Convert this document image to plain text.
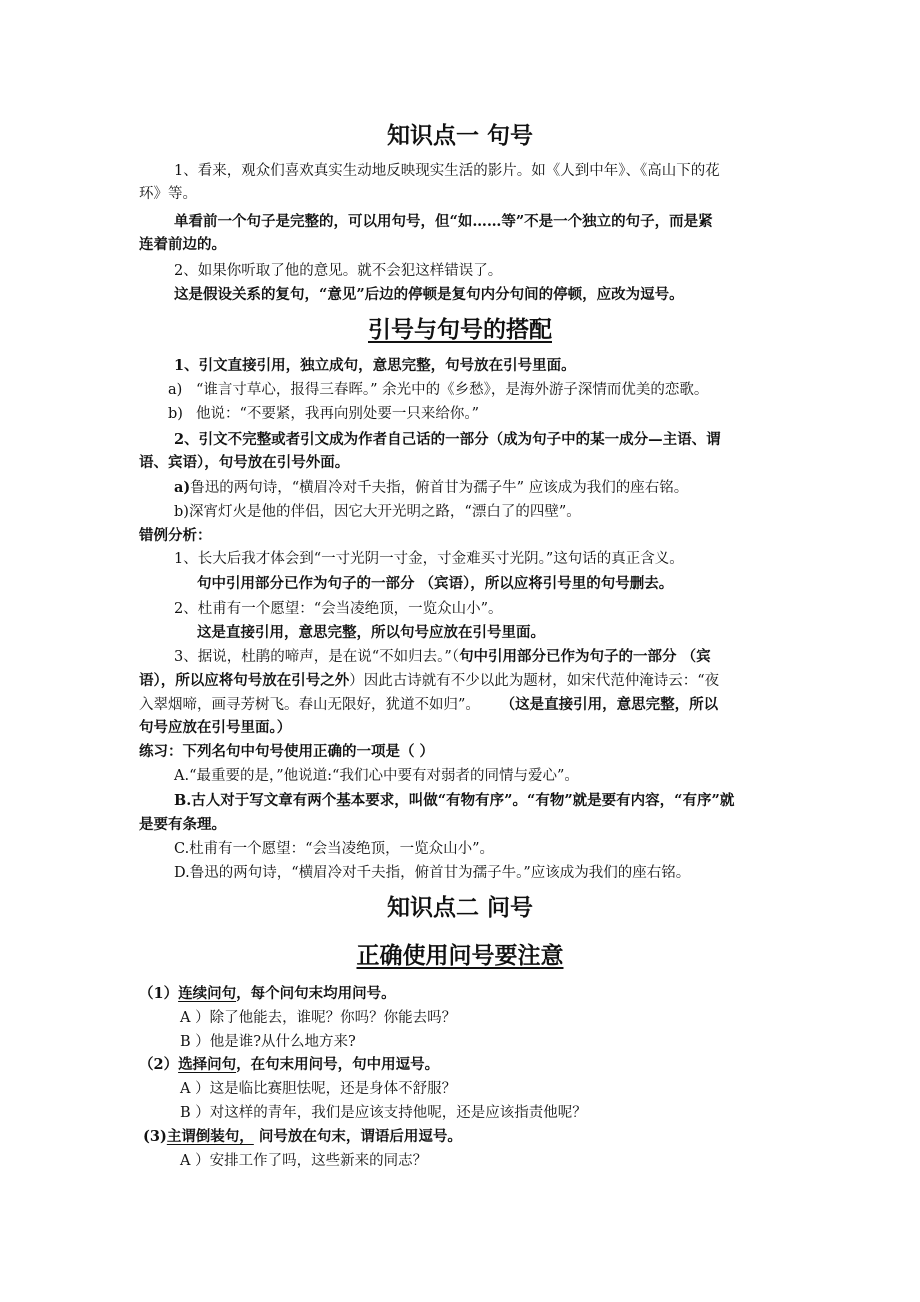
知识点一 句号
1、看来，观众们喜欢真实生动地反映现实生活的影片。如《人到中年》、《高山下的花
环》等。
单看前一个句子是完整的，可以用句号，但“如……等”不是一个独立的句子，而是紧
连着前边的。
2、如果你听取了他的意见。就不会犯这样错误了。
这是假设关系的复句，“意见”后边的停顿是复句内分句间的停顿，应改为逗号。
引号与句号的搭配
1、引文直接引用，独立成句，意思完整，句号放在引号里面。
a) “谁言寸草心，报得三春晖。” 余光中的《乡愁》，是海外游子深情而优美的恋歌。
b) 他说：“不要紧，我再向别处要一只来给你。”
2、引文不完整或者引文成为作者自己话的一部分（成为句子中的某一成分—主语、谓
语、宾语），句号放在引号外面。
a)鲁迅的两句诗，“横眉冷对千夫指，俯首甘为孺子牛” 应该成为我们的座右铭。
b)深宵灯火是他的伴侣，因它大开光明之路，“漂白了的四壁”。
错例分析：
1、长大后我才体会到“一寸光阴一寸金，寸金难买寸光阴。”这句话的真正含义。
句中引用部分已作为句子的一部分 （宾语），所以应将引号里的句号删去。
2、杜甫有一个愿望：“会当凌绝顶，一览众山小”。
这是直接引用，意思完整，所以句号应放在引号里面。
3、据说，杜鹃的啼声，是在说“不如归去。”（句中引用部分已作为句子的一部分 （宾
语），所以应将句号放在引号之外）因此古诗就有不少以此为题材，如宋代范仲淹诗云：“夜
入翠烟啼，画寻芳树飞。春山无限好，犹道不如归”。 （这是直接引用，意思完整，所以
句号应放在引号里面。）
练习：下列名句中句号使用正确的一项是（ ）
A.“最重要的是，”他说道:“我们心中要有对弱者的同情与爱心”。
B.古人对于写文章有两个基本要求，叫做“有物有序”。“有物”就是要有内容，“有序”就
是要有条理。
C.杜甫有一个愿望：“会当凌绝顶，一览众山小”。
D.鲁迅的两句诗，“横眉冷对千夫指，俯首甘为孺子牛。”应该成为我们的座右铭。
知识点二 问号
正确使用问号要注意
（1）连续问句，每个问句末均用问号。
A ）除了他能去，谁呢？你吗？你能去吗？
B ）他是谁?从什么地方来?
（2）选择问句，在句末用问号，句中用逗号。
A ）这是临比赛胆怯呢，还是身体不舒服？
B ）对这样的青年，我们是应该支持他呢，还是应该指责他呢？
(3)主谓倒装句， 问号放在句末，谓语后用逗号。
A ）安排工作了吗，这些新来的同志？
